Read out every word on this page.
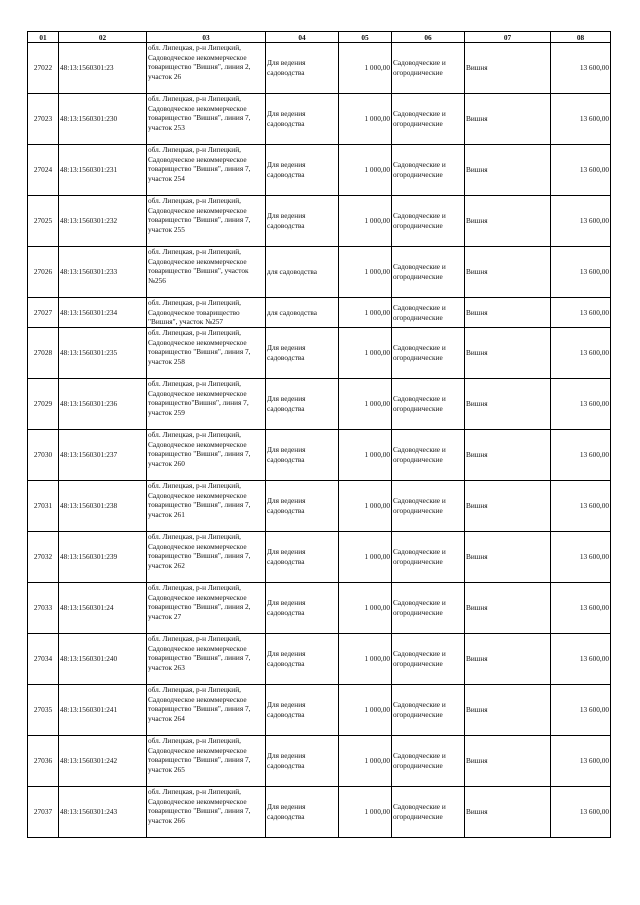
01	02	03	04	05	06	07	08
27022	48:13:1560301:23	обл. Липецкая, р-н Липецкий, Садоводческое некоммерческое товарищество "Вишня", линия 2, участок 26	Для ведения садоводства	1 000,00	Садоводческие и огороднические	Вишня	13 600,00
27023	48:13:1560301:230	обл. Липецкая, р-н Липецкий, Садоводческое некоммерческое товарищество "Вишня", линия 7, участок 253	Для ведения садоводства	1 000,00	Садоводческие и огороднические	Вишня	13 600,00
27024	48:13:1560301:231	обл. Липецкая, р-н Липецкий, Садоводческое некоммерческое товарищество "Вишня", линия 7, участок 254	Для ведения садоводства	1 000,00	Садоводческие и огороднические	Вишня	13 600,00
27025	48:13:1560301:232	обл. Липецкая, р-н Липецкий, Садоводческое некоммерческое товарищество "Вишня", линия 7, участок 255	Для ведения садоводства	1 000,00	Садоводческие и огороднические	Вишня	13 600,00
27026	48:13:1560301:233	обл. Липецкая, р-н Липецкий, Садоводческое некоммерческое товарищество "Вишня", участок №256	для садоводства	1 000,00	Садоводческие и огороднические	Вишня	13 600,00
27027	48:13:1560301:234	обл. Липецкая, р-н Липецкий, Садоводческое товарищество "Вишня", участок №257	для садоводства	1 000,00	Садоводческие и огороднические	Вишня	13 600,00
27028	48:13:1560301:235	обл. Липецкая, р-н Липецкий, Садоводческое некоммерческое товарищество "Вишня", линия 7, участок 258	Для ведения садоводства	1 000,00	Садоводческие и огороднические	Вишня	13 600,00
27029	48:13:1560301:236	обл. Липецкая, р-н Липецкий, Садоводческое некоммерческое товарищество"Вишня", линия 7, участок 259	Для ведения садоводства	1 000,00	Садоводческие и огороднические	Вишня	13 600,00
27030	48:13:1560301:237	обл. Липецкая, р-н Липецкий, Садоводческое некоммерческое товарищество "Вишня", линия 7, участок 260	Для ведения садоводства	1 000,00	Садоводческие и огороднические	Вишня	13 600,00
27031	48:13:1560301:238	обл. Липецкая, р-н Липецкий, Садоводческое некоммерческое товарищество "Вишня", линия 7, участок 261	Для ведения садоводства	1 000,00	Садоводческие и огороднические	Вишня	13 600,00
27032	48:13:1560301:239	обл. Липецкая, р-н Липецкий, Садоводческое некоммерческое товарищество "Вишня", линия 7, участок 262	Для ведения садоводства	1 000,00	Садоводческие и огороднические	Вишня	13 600,00
27033	48:13:1560301:24	обл. Липецкая, р-н Липецкий, Садоводческое некоммерческое товарищество "Вишня", линия 2, участок 27	Для ведения садоводства	1 000,00	Садоводческие и огороднические	Вишня	13 600,00
27034	48:13:1560301:240	обл. Липецкая, р-н Липецкий, Садоводческое некоммерческое товарищество "Вишня", линия 7, участок 263	Для ведения садоводства	1 000,00	Садоводческие и огороднические	Вишня	13 600,00
27035	48:13:1560301:241	обл. Липецкая, р-н Липецкий, Садоводческое некоммерческое товарищество "Вишня", линия 7, участок 264	Для ведения садоводства	1 000,00	Садоводческие и огороднические	Вишня	13 600,00
27036	48:13:1560301:242	обл. Липецкая, р-н Липецкий, Садоводческое некоммерческое товарищество "Вишня", линия 7, участок 265	Для ведения садоводства	1 000,00	Садоводческие и огороднические	Вишня	13 600,00
27037	48:13:1560301:243	обл. Липецкая, р-н Липецкий, Садоводческое некоммерческое товарищество "Вишня", линия 7, участок 266	Для ведения садоводства	1 000,00	Садоводческие и огороднические	Вишня	13 600,00
